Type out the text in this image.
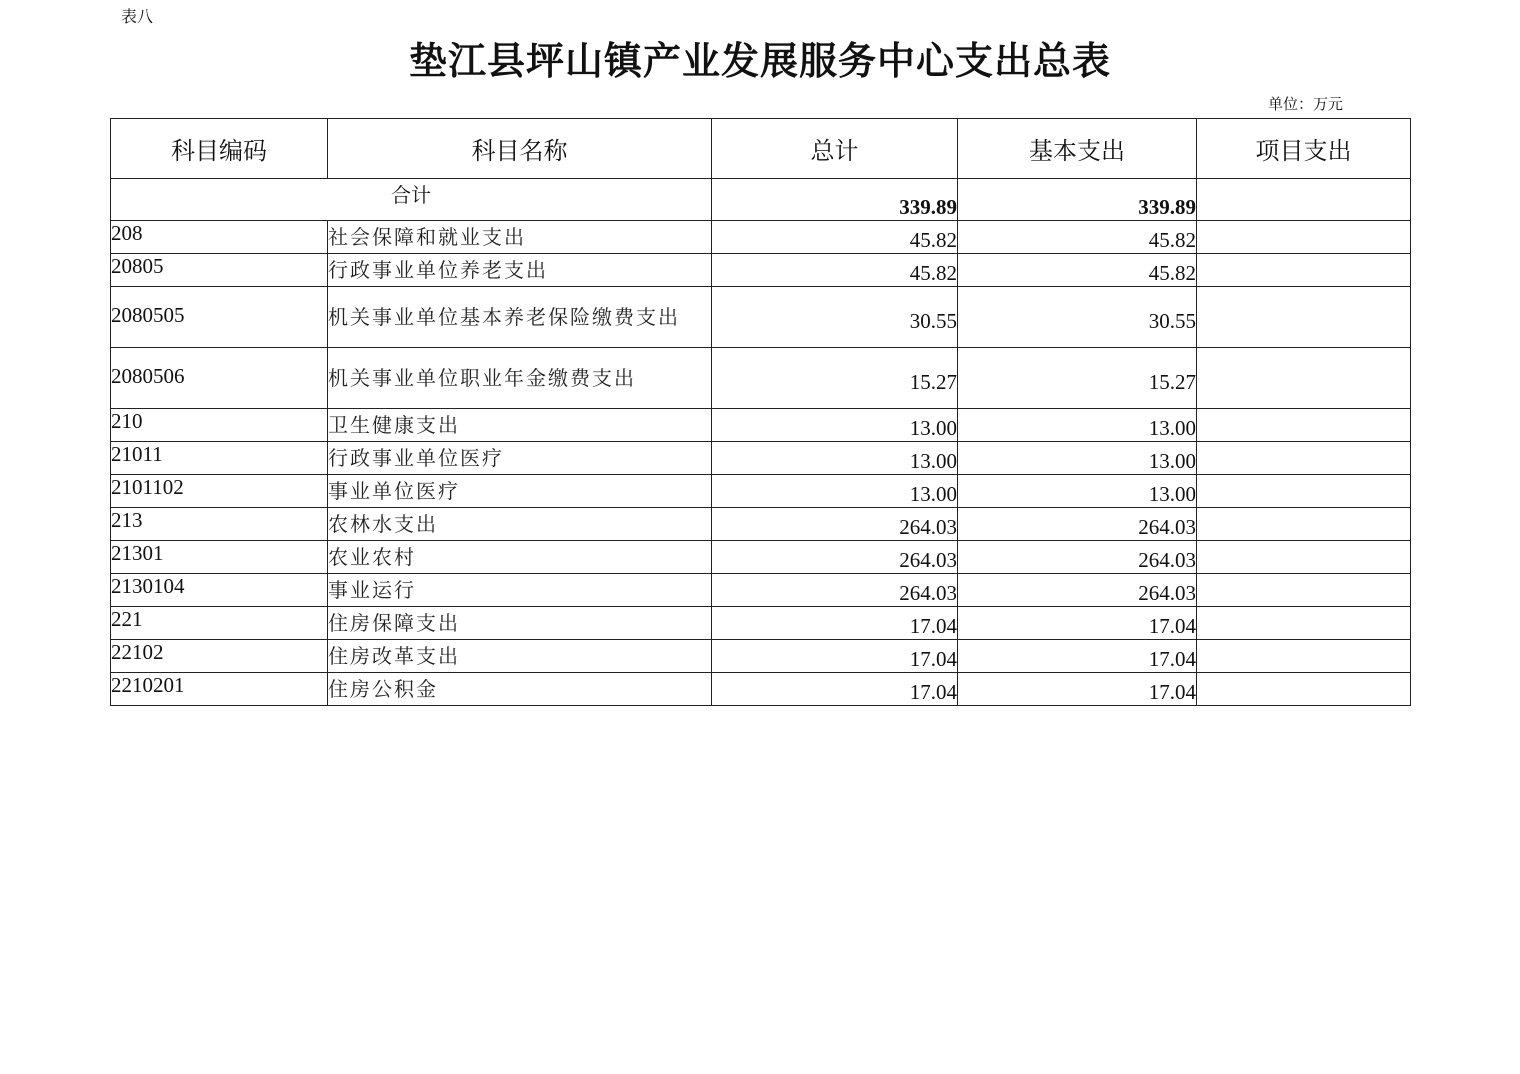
表八
垫江县坪山镇产业发展服务中心支出总表
单位：万元
科目编码	科目名称	总计	基本支出	项目支出
合计		339.89	339.89	
208	社会保障和就业支出	45.82	45.82	
20805	行政事业单位养老支出	45.82	45.82	
2080505	机关事业单位基本养老保险缴费支出	30.55	30.55	
2080506	机关事业单位职业年金缴费支出	15.27	15.27	
210	卫生健康支出	13.00	13.00	
21011	行政事业单位医疗	13.00	13.00	
2101102	事业单位医疗	13.00	13.00	
213	农林水支出	264.03	264.03	
21301	农业农村	264.03	264.03	
2130104	事业运行	264.03	264.03	
221	住房保障支出	17.04	17.04	
22102	住房改革支出	17.04	17.04	
2210201	住房公积金	17.04	17.04	
